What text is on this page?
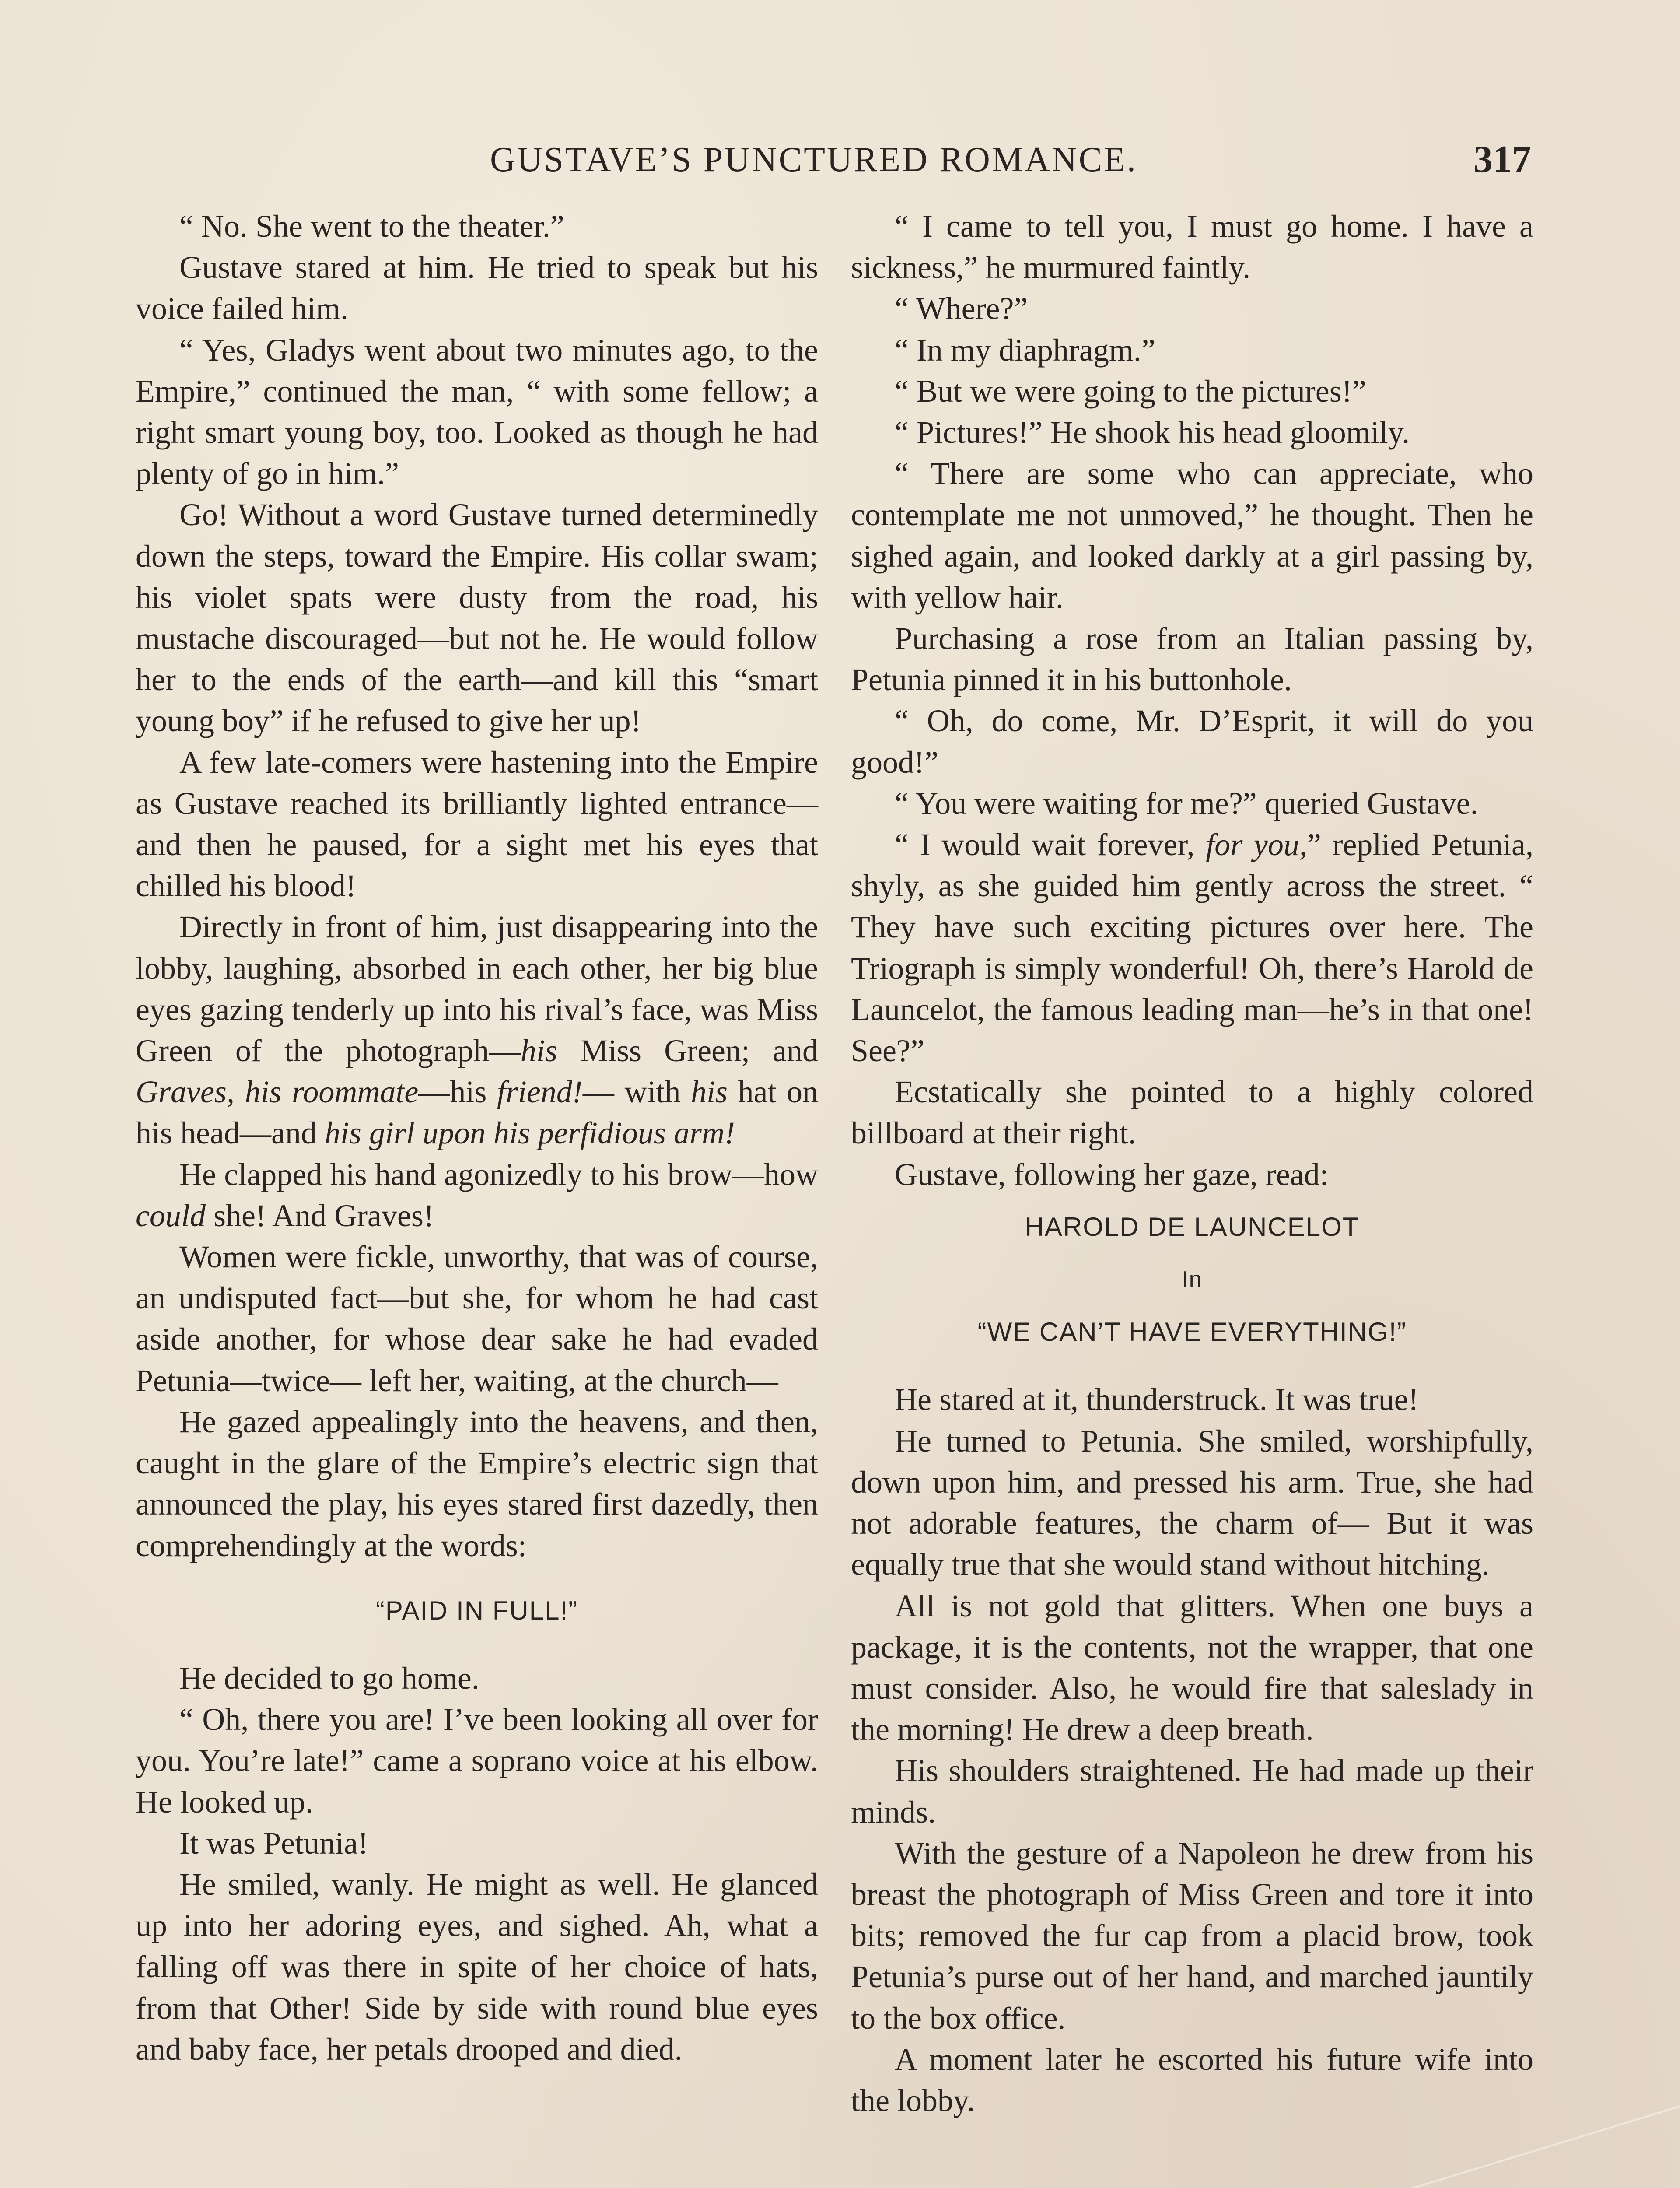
GUSTAVE’S PUNCTURED ROMANCE.	317

“ No. She went to the theater.”

Gustave stared at him. He tried to speak but his voice failed him.

“ Yes, Gladys went about two minutes ago, to the Empire,” continued the man, “ with some fellow; a right smart young boy, too. Looked as though he had plenty of go in him.”

Go! Without a word Gustave turned determinedly down the steps, toward the Empire. His collar swam; his violet spats were dusty from the road, his mustache discouraged—but not he. He would follow her to the ends of the earth—and kill this “smart young boy” if he refused to give her up!

A few late-comers were hastening into the Empire as Gustave reached its brilliantly lighted entrance—and then he paused, for a sight met his eyes that chilled his blood!

Directly in front of him, just disappearing into the lobby, laughing, absorbed in each other, her big blue eyes gazing tenderly up into his rival’s face, was Miss Green of the photograph—his Miss Green; and Graves, his roommate—his friend!— with his hat on his head—and his girl upon his perfidious arm!

He clapped his hand agonizedly to his brow—how could she! And Graves!

Women were fickle, unworthy, that was of course, an undisputed fact—but she, for whom he had cast aside another, for whose dear sake he had evaded Petunia—twice— left her, waiting, at the church—

He gazed appealingly into the heavens, and then, caught in the glare of the Empire’s electric sign that announced the play, his eyes stared first dazedly, then comprehendingly at the words:

“PAID IN FULL!”

He decided to go home.

“ Oh, there you are! I’ve been looking all over for you. You’re late!” came a soprano voice at his elbow. He looked up.

It was Petunia!

He smiled, wanly. He might as well. He glanced up into her adoring eyes, and sighed. Ah, what a falling off was there in spite of her choice of hats, from that Other! Side by side with round blue eyes and baby face, her petals drooped and died.

“ I came to tell you, I must go home. I have a sickness,” he murmured faintly.

“ Where?”

“ In my diaphragm.”

“ But we were going to the pictures!”

“ Pictures!” He shook his head gloomily.

“ There are some who can appreciate, who contemplate me not unmoved,” he thought. Then he sighed again, and looked darkly at a girl passing by, with yellow hair.

Purchasing a rose from an Italian passing by, Petunia pinned it in his buttonhole.

“ Oh, do come, Mr. D’Esprit, it will do you good!”

“ You were waiting for me?” queried Gustave.

“ I would wait forever, for you,” replied Petunia, shyly, as she guided him gently across the street. “ They have such exciting pictures over here. The Triograph is simply wonderful! Oh, there’s Harold de Launcelot, the famous leading man—he’s in that one! See?”

Ecstatically she pointed to a highly colored billboard at their right.

Gustave, following her gaze, read:

HAROLD DE LAUNCELOT
In
“WE CAN’T HAVE EVERYTHING!”

He stared at it, thunderstruck. It was true!

He turned to Petunia. She smiled, worshipfully, down upon him, and pressed his arm. True, she had not adorable features, the charm of— But it was equally true that she would stand without hitching.

All is not gold that glitters. When one buys a package, it is the contents, not the wrapper, that one must consider. Also, he would fire that saleslady in the morning! He drew a deep breath.

His shoulders straightened. He had made up their minds.

With the gesture of a Napoleon he drew from his breast the photograph of Miss Green and tore it into bits; removed the fur cap from a placid brow, took Petunia’s purse out of her hand, and marched jauntily to the box office.

A moment later he escorted his future wife into the lobby.
